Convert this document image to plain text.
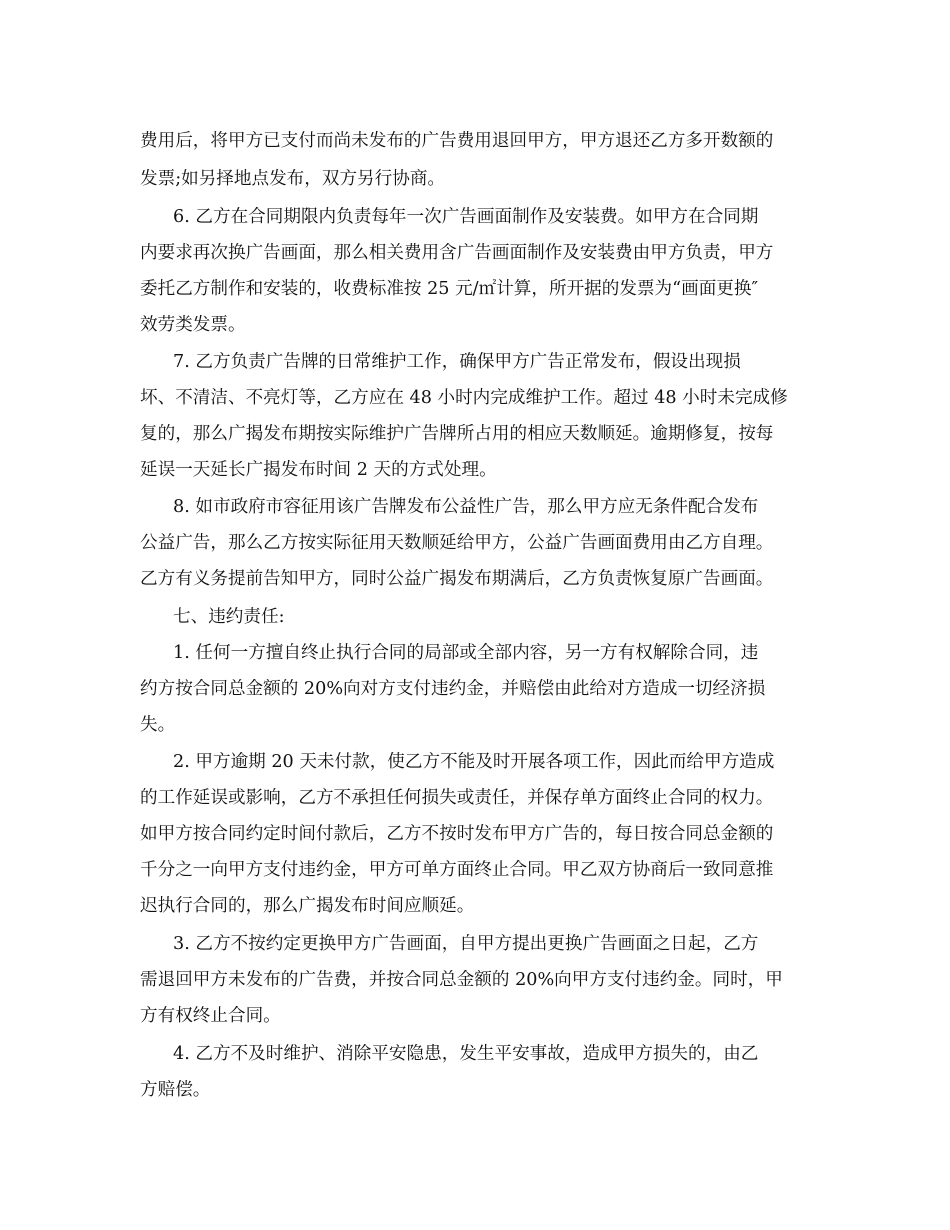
费用后，将甲方已支付而尚未发布的广告费用退回甲方，甲方退还乙方多开数额的
发票;如另择地点发布，双方另行协商。
6. 乙方在合同期限内负责每年一次广告画面制作及安装费。如甲方在合同期
内要求再次换广告画面，那么相关费用含广告画面制作及安装费由甲方负责，甲方
委托乙方制作和安装的，收费标准按 25 元/㎡计算，所开据的发票为“画面更换″
效劳类发票。
7. 乙方负责广告牌的日常维护工作，确保甲方广告正常发布，假设出现损
坏、不清洁、不亮灯等，乙方应在 48 小时内完成维护工作。超过 48 小时未完成修
复的，那么广揭发布期按实际维护广告牌所占用的相应天数顺延。逾期修复，按每
延误一天延长广揭发布时间 2 天的方式处理。
8. 如市政府市容征用该广告牌发布公益性广告，那么甲方应无条件配合发布
公益广告，那么乙方按实际征用天数顺延给甲方，公益广告画面费用由乙方自理。
乙方有义务提前告知甲方，同时公益广揭发布期满后，乙方负责恢复原广告画面。
七、违约责任:
1. 任何一方擅自终止执行合同的局部或全部内容，另一方有权解除合同，违
约方按合同总金额的 20%向对方支付违约金，并赔偿由此给对方造成一切经济损
失。
2. 甲方逾期 20 天未付款，使乙方不能及时开展各项工作，因此而给甲方造成
的工作延误或影响，乙方不承担任何损失或责任，并保存单方面终止合同的权力。
如甲方按合同约定时间付款后，乙方不按时发布甲方广告的，每日按合同总金额的
千分之一向甲方支付违约金，甲方可单方面终止合同。甲乙双方协商后一致同意推
迟执行合同的，那么广揭发布时间应顺延。
3. 乙方不按约定更换甲方广告画面，自甲方提出更换广告画面之日起，乙方
需退回甲方未发布的广告费，并按合同总金额的 20%向甲方支付违约金。同时，甲
方有权终止合同。
4. 乙方不及时维护、消除平安隐患，发生平安事故，造成甲方损失的，由乙
方赔偿。
